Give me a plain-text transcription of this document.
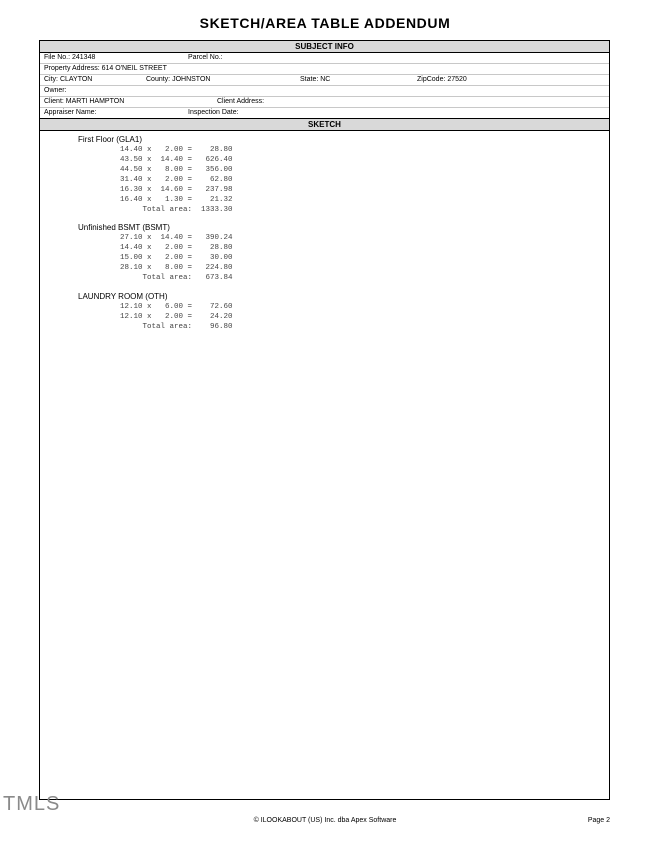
SKETCH/AREA TABLE ADDENDUM
SUBJECT INFO
File No.: 241348	Parcel No.:
Property Address: 614 O'NEIL STREET
City: CLAYTON	County: JOHNSTON	State: NC	ZipCode: 27520
Owner:
Client: MARTI HAMPTON	Client Address:
Appraiser Name:	Inspection Date:
SKETCH
First Floor (GLA1)
14.40 x   2.00 =    28.80
43.50 x  14.40 =   626.40
44.50 x   8.00 =   356.00
31.40 x   2.00 =    62.80
16.30 x  14.60 =   237.98
16.40 x   1.30 =    21.32
Total area:  1333.30
Unfinished BSMT (BSMT)
27.10 x  14.40 =   390.24
14.40 x   2.00 =    28.80
15.00 x   2.00 =    30.00
28.10 x   8.00 =   224.80
Total area:   673.84
LAUNDRY ROOM (OTH)
12.10 x   6.00 =    72.60
12.10 x   2.00 =    24.20
Total area:    96.80
TMLS
© ILOOKABOUT (US) Inc. dba Apex Software	Page 2
